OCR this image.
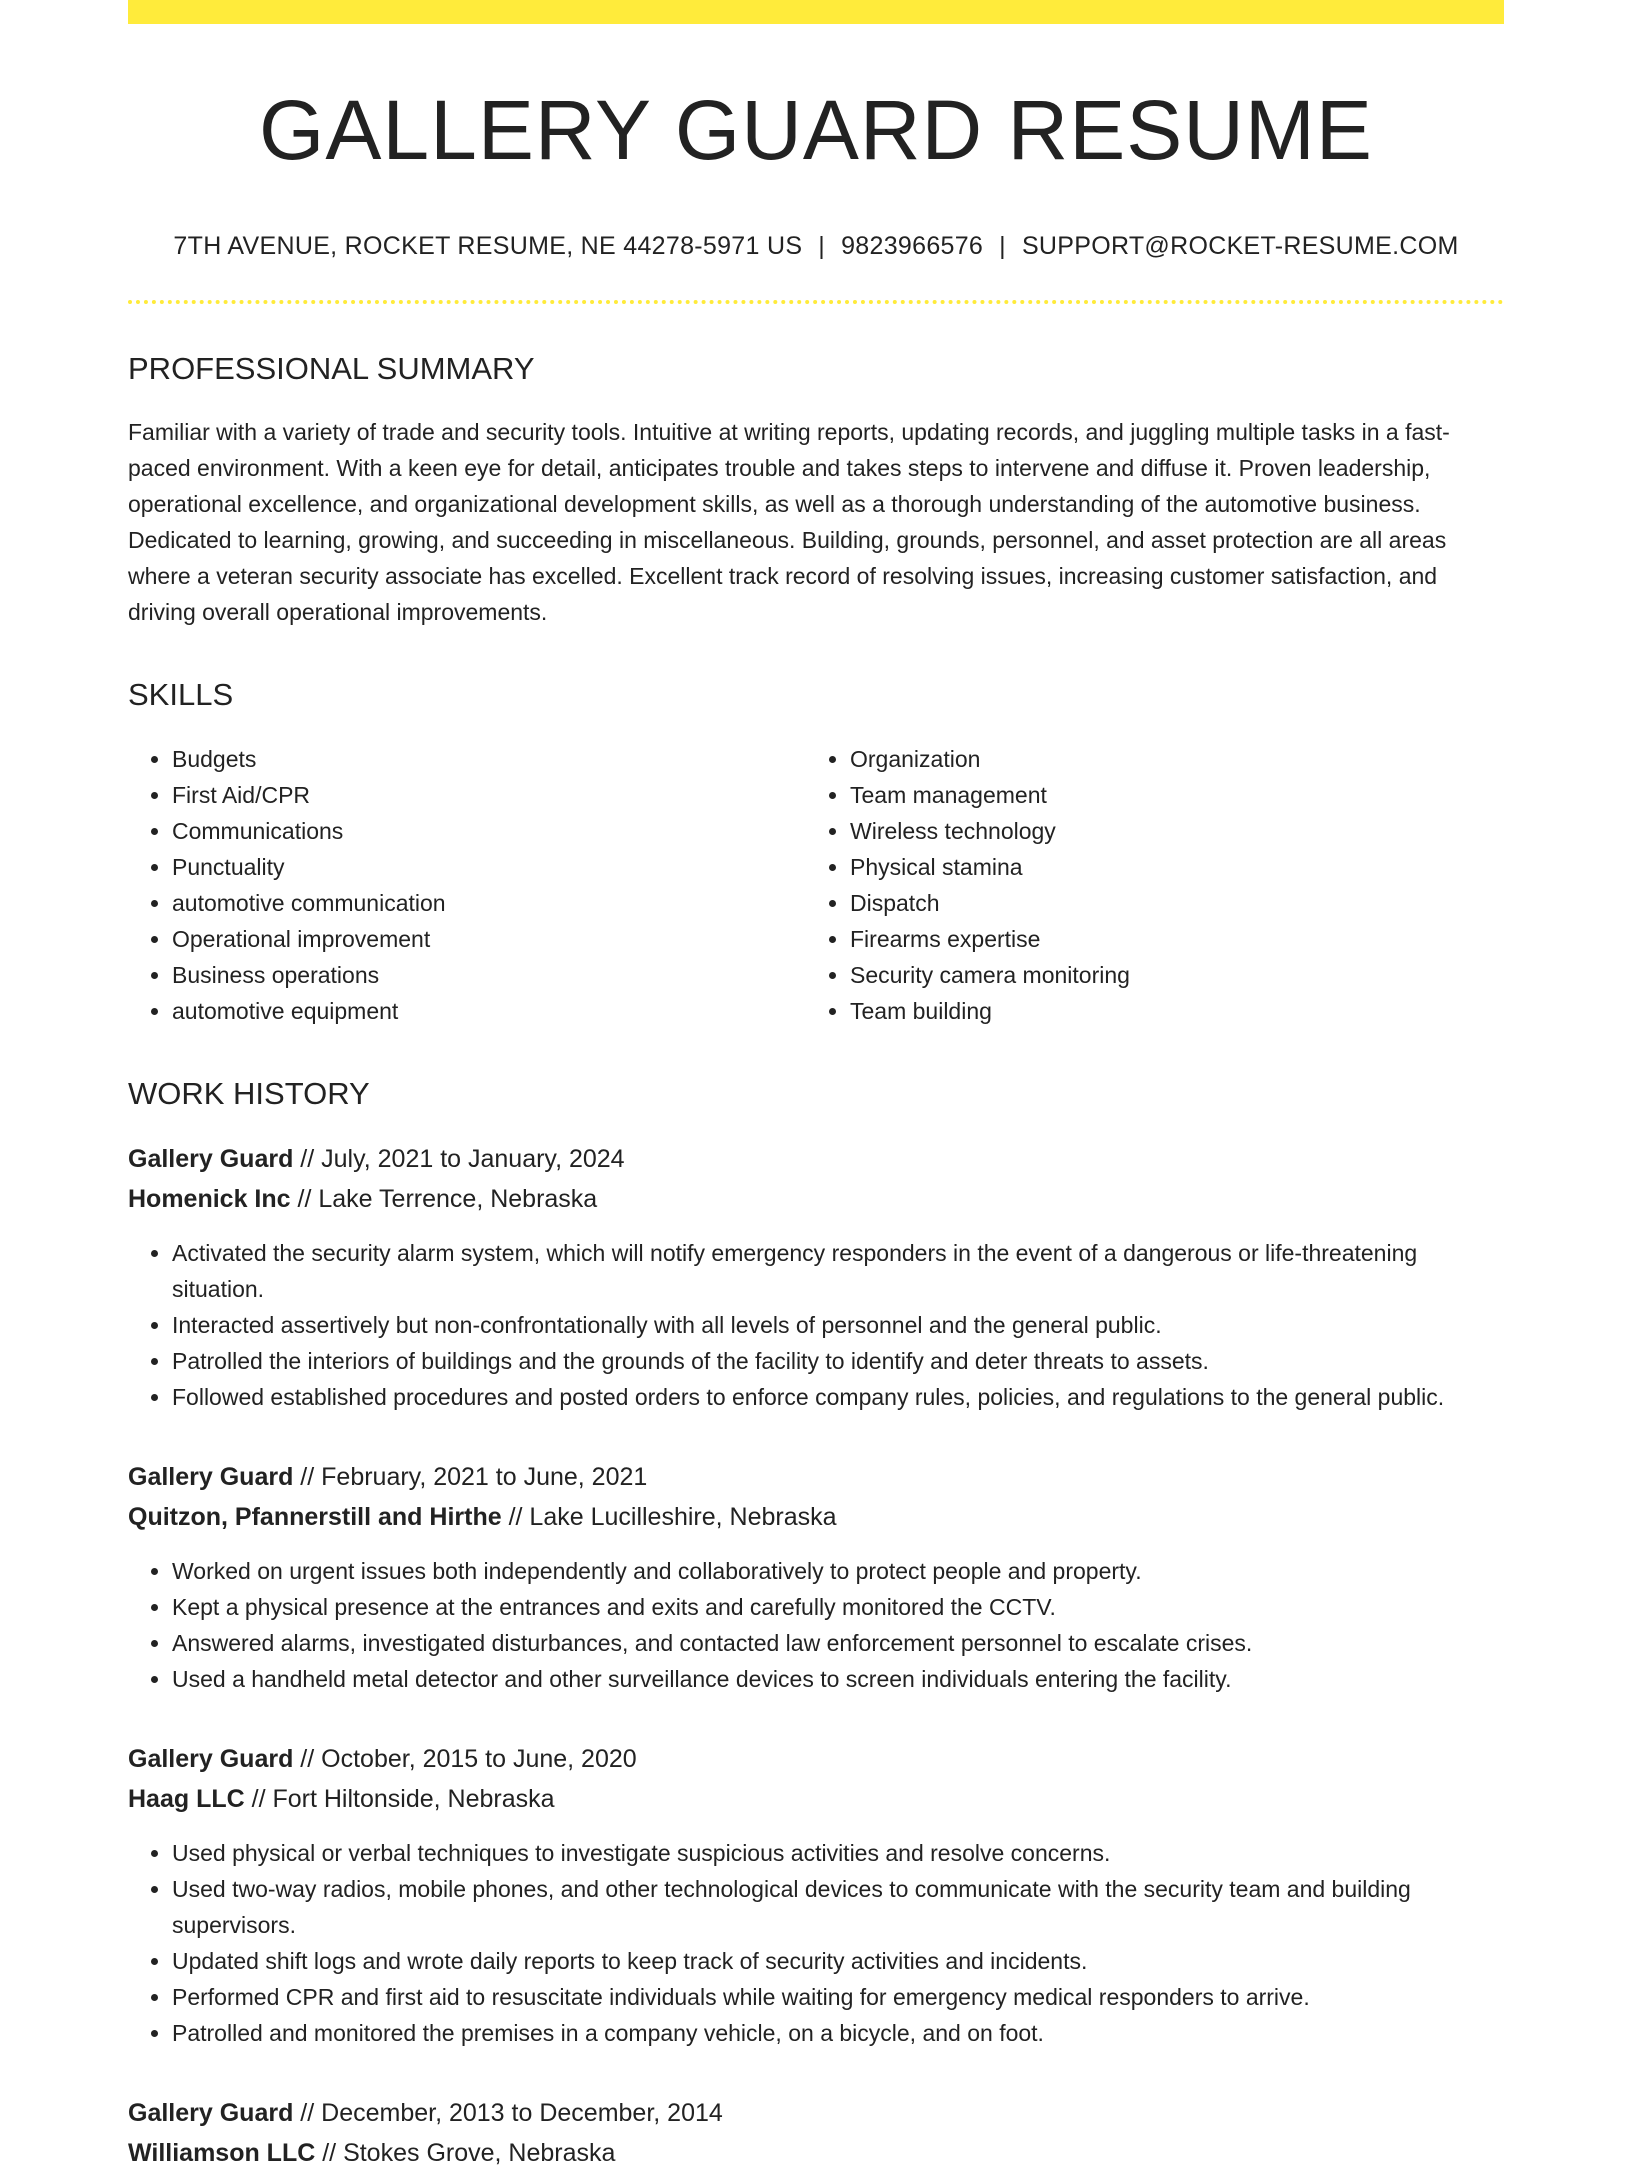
GALLERY GUARD RESUME
7TH AVENUE, ROCKET RESUME, NE 44278-5971 US | 9823966576 | SUPPORT@ROCKET-RESUME.COM
PROFESSIONAL SUMMARY
Familiar with a variety of trade and security tools. Intuitive at writing reports, updating records, and juggling multiple tasks in a fast-paced environment. With a keen eye for detail, anticipates trouble and takes steps to intervene and diffuse it. Proven leadership, operational excellence, and organizational development skills, as well as a thorough understanding of the automotive business. Dedicated to learning, growing, and succeeding in miscellaneous. Building, grounds, personnel, and asset protection are all areas where a veteran security associate has excelled. Excellent track record of resolving issues, increasing customer satisfaction, and driving overall operational improvements.
SKILLS
• Budgets
• First Aid/CPR
• Communications
• Punctuality
• automotive communication
• Operational improvement
• Business operations
• automotive equipment
• Organization
• Team management
• Wireless technology
• Physical stamina
• Dispatch
• Firearms expertise
• Security camera monitoring
• Team building
WORK HISTORY

Gallery Guard // July, 2021 to January, 2024

Homenick Inc // Lake Terrence, Nebraska

• Activated the security alarm system, which will notify emergency responders in the event of a dangerous or life-threatening situation.
• Interacted assertively but non-confrontationally with all levels of personnel and the general public.
• Patrolled the interiors of buildings and the grounds of the facility to identify and deter threats to assets.
• Followed established procedures and posted orders to enforce company rules, policies, and regulations to the general public.

Gallery Guard // February, 2021 to June, 2021

Quitzon, Pfannerstill and Hirthe // Lake Lucilleshire, Nebraska

• Worked on urgent issues both independently and collaboratively to protect people and property.
• Kept a physical presence at the entrances and exits and carefully monitored the CCTV.
• Answered alarms, investigated disturbances, and contacted law enforcement personnel to escalate crises.
• Used a handheld metal detector and other surveillance devices to screen individuals entering the facility.

Gallery Guard // October, 2015 to June, 2020

Haag LLC // Fort Hiltonside, Nebraska

• Used physical or verbal techniques to investigate suspicious activities and resolve concerns.
• Used two-way radios, mobile phones, and other technological devices to communicate with the security team and building supervisors.
• Updated shift logs and wrote daily reports to keep track of security activities and incidents.
• Performed CPR and first aid to resuscitate individuals while waiting for emergency medical responders to arrive.
• Patrolled and monitored the premises in a company vehicle, on a bicycle, and on foot.

Gallery Guard // December, 2013 to December, 2014

Williamson LLC // Stokes Grove, Nebraska
